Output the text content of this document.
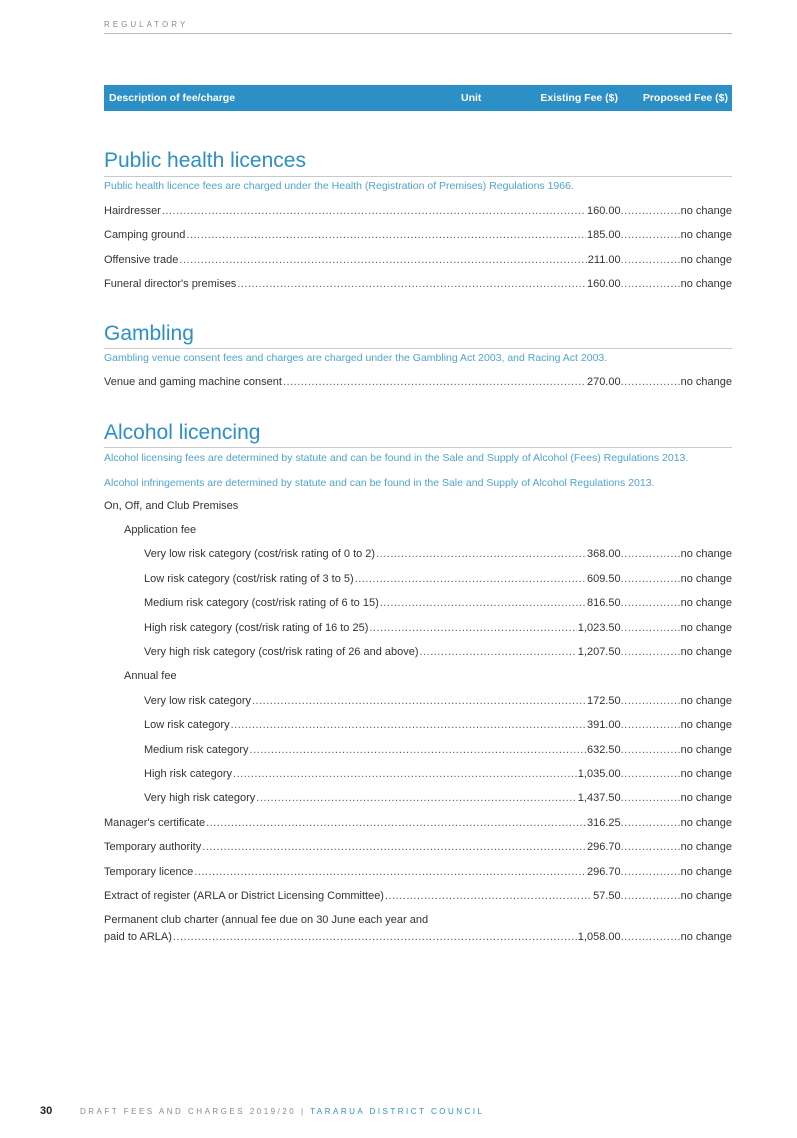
REGULATORY
Description of fee/charge	Unit	Existing Fee ($) Proposed Fee ($)
Public health licences
Public health licence fees are charged under the Health (Registration of Premises) Regulations 1966.
Hairdresser .....	160.00 .....	no change
Camping ground .....	185.00 .....	no change
Offensive trade .....	211.00 .....	no change
Funeral director's premises .....	160.00 .....	no change
Gambling
Gambling venue consent fees and charges are charged under the Gambling Act 2003, and Racing Act 2003.
Venue and gaming machine consent .....	270.00 .....	no change
Alcohol licencing
Alcohol licensing fees are determined by statute and can be found in the Sale and Supply of Alcohol (Fees) Regulations 2013.
Alcohol infringements are determined by statute and can be found in the Sale and Supply of Alcohol Regulations 2013.
On, Off, and Club Premises
Application fee
Very low risk category (cost/risk rating of 0 to 2) .....	368.00 .....	no change
Low risk category (cost/risk rating of 3 to 5) .....	609.50 .....	no change
Medium risk category (cost/risk rating of 6 to 15) .....	816.50 .....	no change
High risk category (cost/risk rating of 16 to 25) .....	1,023.50 .....	no change
Very high risk category (cost/risk rating of 26 and above) .....	1,207.50 .....	no change
Annual fee
Very low risk category .....	172.50 .....	no change
Low risk category .....	391.00 .....	no change
Medium risk category .....	632.50 .....	no change
High risk category .....	1,035.00 .....	no change
Very high risk category .....	1,437.50 .....	no change
Manager's certificate .....	316.25 .....	no change
Temporary authority .....	296.70 .....	no change
Temporary licence .....	296.70 .....	no change
Extract of register (ARLA or District Licensing Committee) .....	57.50 .....	no change
Permanent club charter (annual fee due on 30 June each year and
paid to ARLA) .....	1,058.00 .....	no change
30	DRAFT FEES AND CHARGES 2019/20 | TARARUA DISTRICT COUNCIL
